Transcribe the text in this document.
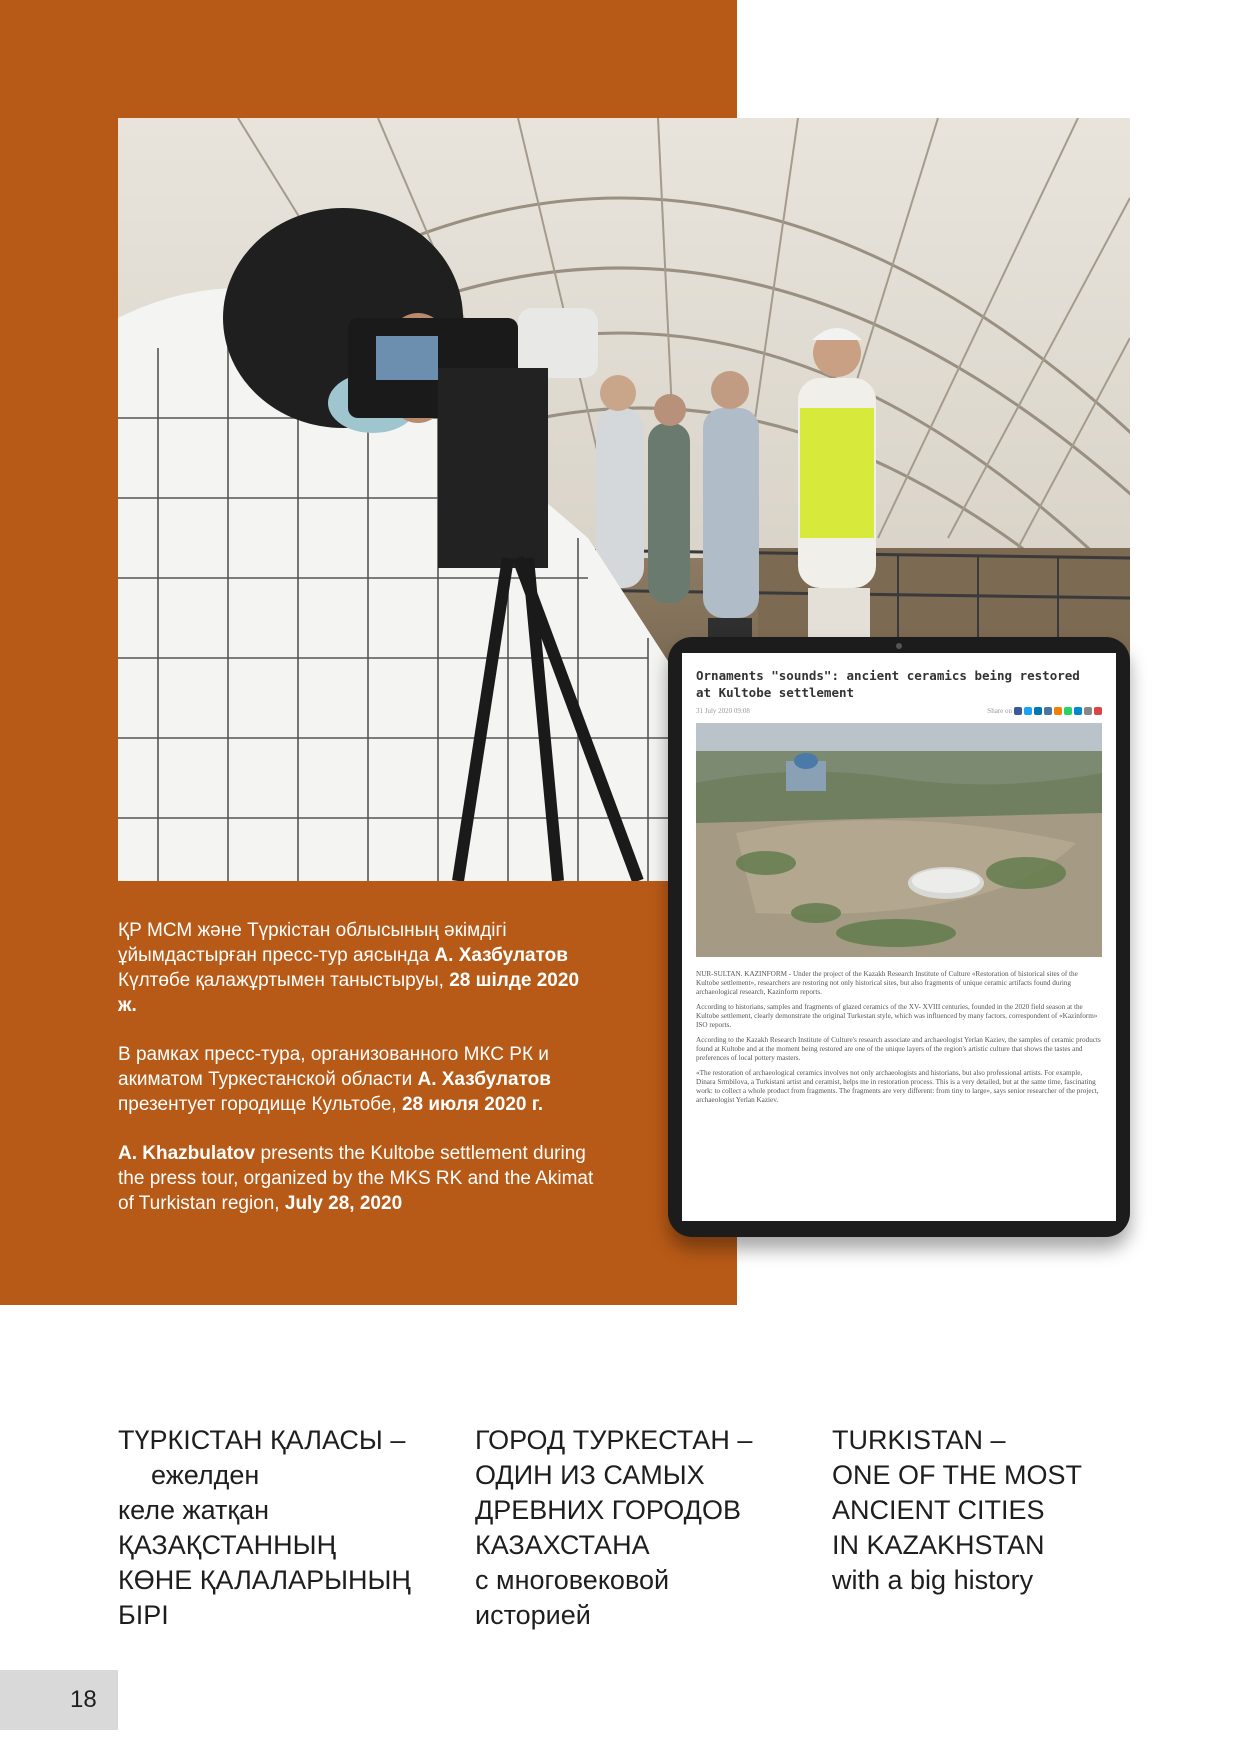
ҚР МСМ және Түркістан облысының әкімдігі ұйымдастырған пресс-тур аясында А. Хазбулатов Күлтөбе қалажұртымен таныстыруы, 28 шілде 2020 ж.

В рамках пресс-тура, организованного МКС РК и акиматом Туркестанской области А. Хазбулатов презентует городище Культобе, 28 июля 2020 г.

A. Khazbulatov presents the Kultobe settlement during the press tour, organized by the MKS RK and the Akimat of Turkistan region, July 28, 2020

Ornaments "sounds": ancient ceramics being restored at Kultobe settlement
31 July 2020 09:08	Share on

NUR-SULTAN. KAZINFORM - Under the project of the Kazakh Research Institute of Culture «Restoration of historical sites of the Kultobe settlement», researchers are restoring not only historical sites, but also fragments of unique ceramic artifacts found during archaeological research, Kazinform reports.

According to historians, samples and fragments of glazed ceramics of the XV- XVIII centuries, founded in the 2020 field season at the Kultobe settlement, clearly demonstrate the original Turkestan style, which was influenced by many factors, correspondent of «Kazinform» ISO reports.

According to the Kazakh Research Institute of Culture's research associate and archaeologist Yerlan Kaziev, the samples of ceramic products found at Kultobe and at the moment being restored are one of the unique layers of the region's artistic culture that shows the tastes and preferences of local pottery masters.

«The restoration of archaeological ceramics involves not only archaeologists and historians, but also professional artists. For example, Dinara Srmbilova, a Turkistani artist and ceramist, helps me in restoration process. This is a very detailed, but at the same time, fascinating work: to collect a whole product from fragments. The fragments are very different: from tiny to large», says senior researcher of the project, archaeologist Yerlan Kaziev.

ТҮРКІСТАН ҚАЛАСЫ –
ежелден
келе жатқан
ҚАЗАҚСТАННЫҢ
КӨНЕ ҚАЛАЛАРЫНЫҢ
БІРІ
ГОРОД ТУРКЕСТАН –
ОДИН ИЗ САМЫХ
ДРЕВНИХ ГОРОДОВ
КАЗАХСТАНА
с многовековой
историей
TURKISTAN –
ONE OF THE MOST
ANCIENT CITIES
IN KAZAKHSTAN
with a big history
18
